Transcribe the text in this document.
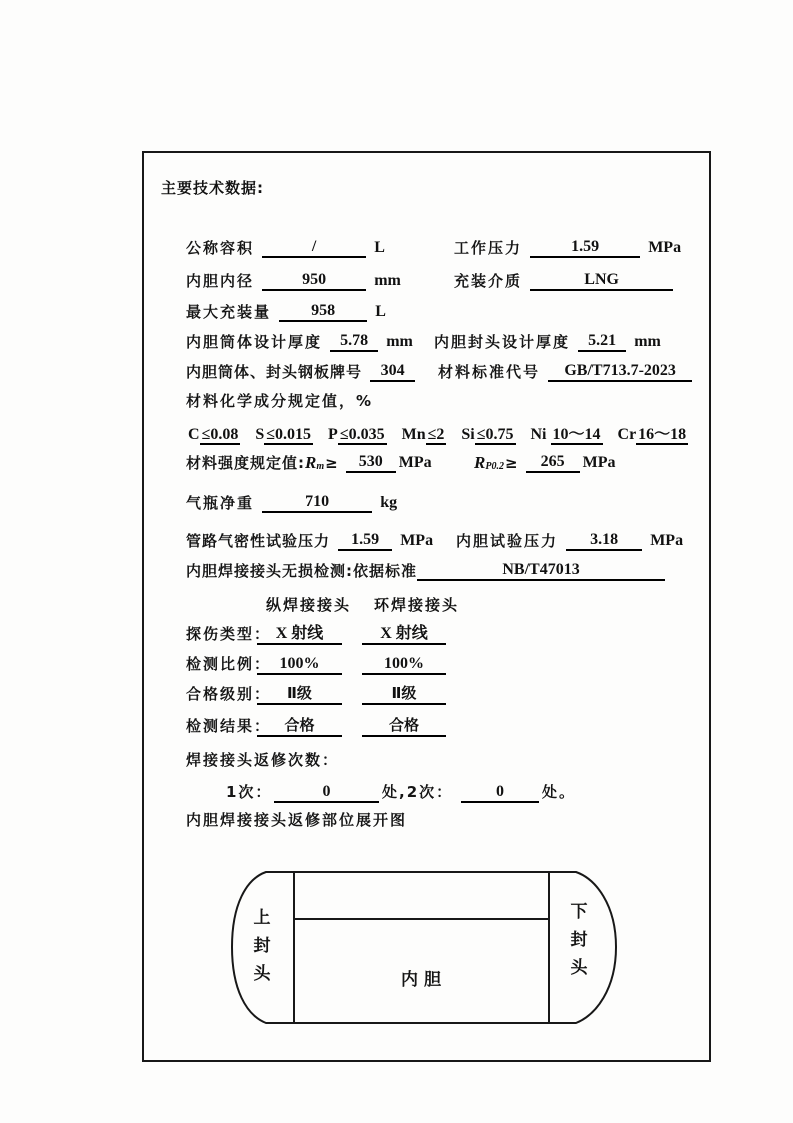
主要技术数据:
公称容积	/	L	工作压力	1.59	MPa
内胆内径	950	mm	充装介质	LNG
最大充装量	958	L
内胆筒体设计厚度 5.78 mm 内胆封头设计厚度 5.21 mm
内胆筒体、封头钢板牌号 304	材料标准代号 GB/T713.7-2023
材料化学成分规定值，%
C ≤0.08 S ≤0.015 P ≤0.035 Mn ≤2 Si ≤0.75 Ni 10～14 Cr 16～18
材料强度规定值:Rm≥ 530 MPa RP0.2≥ 265 MPa
气瓶净重	710	kg
管路气密性试验压力 1.59 MPa 内胆试验压力 3.18 MPa
内胆焊接接头无损检测:依据标准	NB/T47013
纵焊接接头 环焊接接头
探伤类型： X 射线	X 射线
检测比例： 100%	100%
合格级别：	Ⅱ级	Ⅱ级
检测结果： 合格	合格
焊接接头返修次数：
1次：	0	处,2次：	0	处。
内胆焊接接头返修部位展开图
上
封
头
下
封
头
内 胆
